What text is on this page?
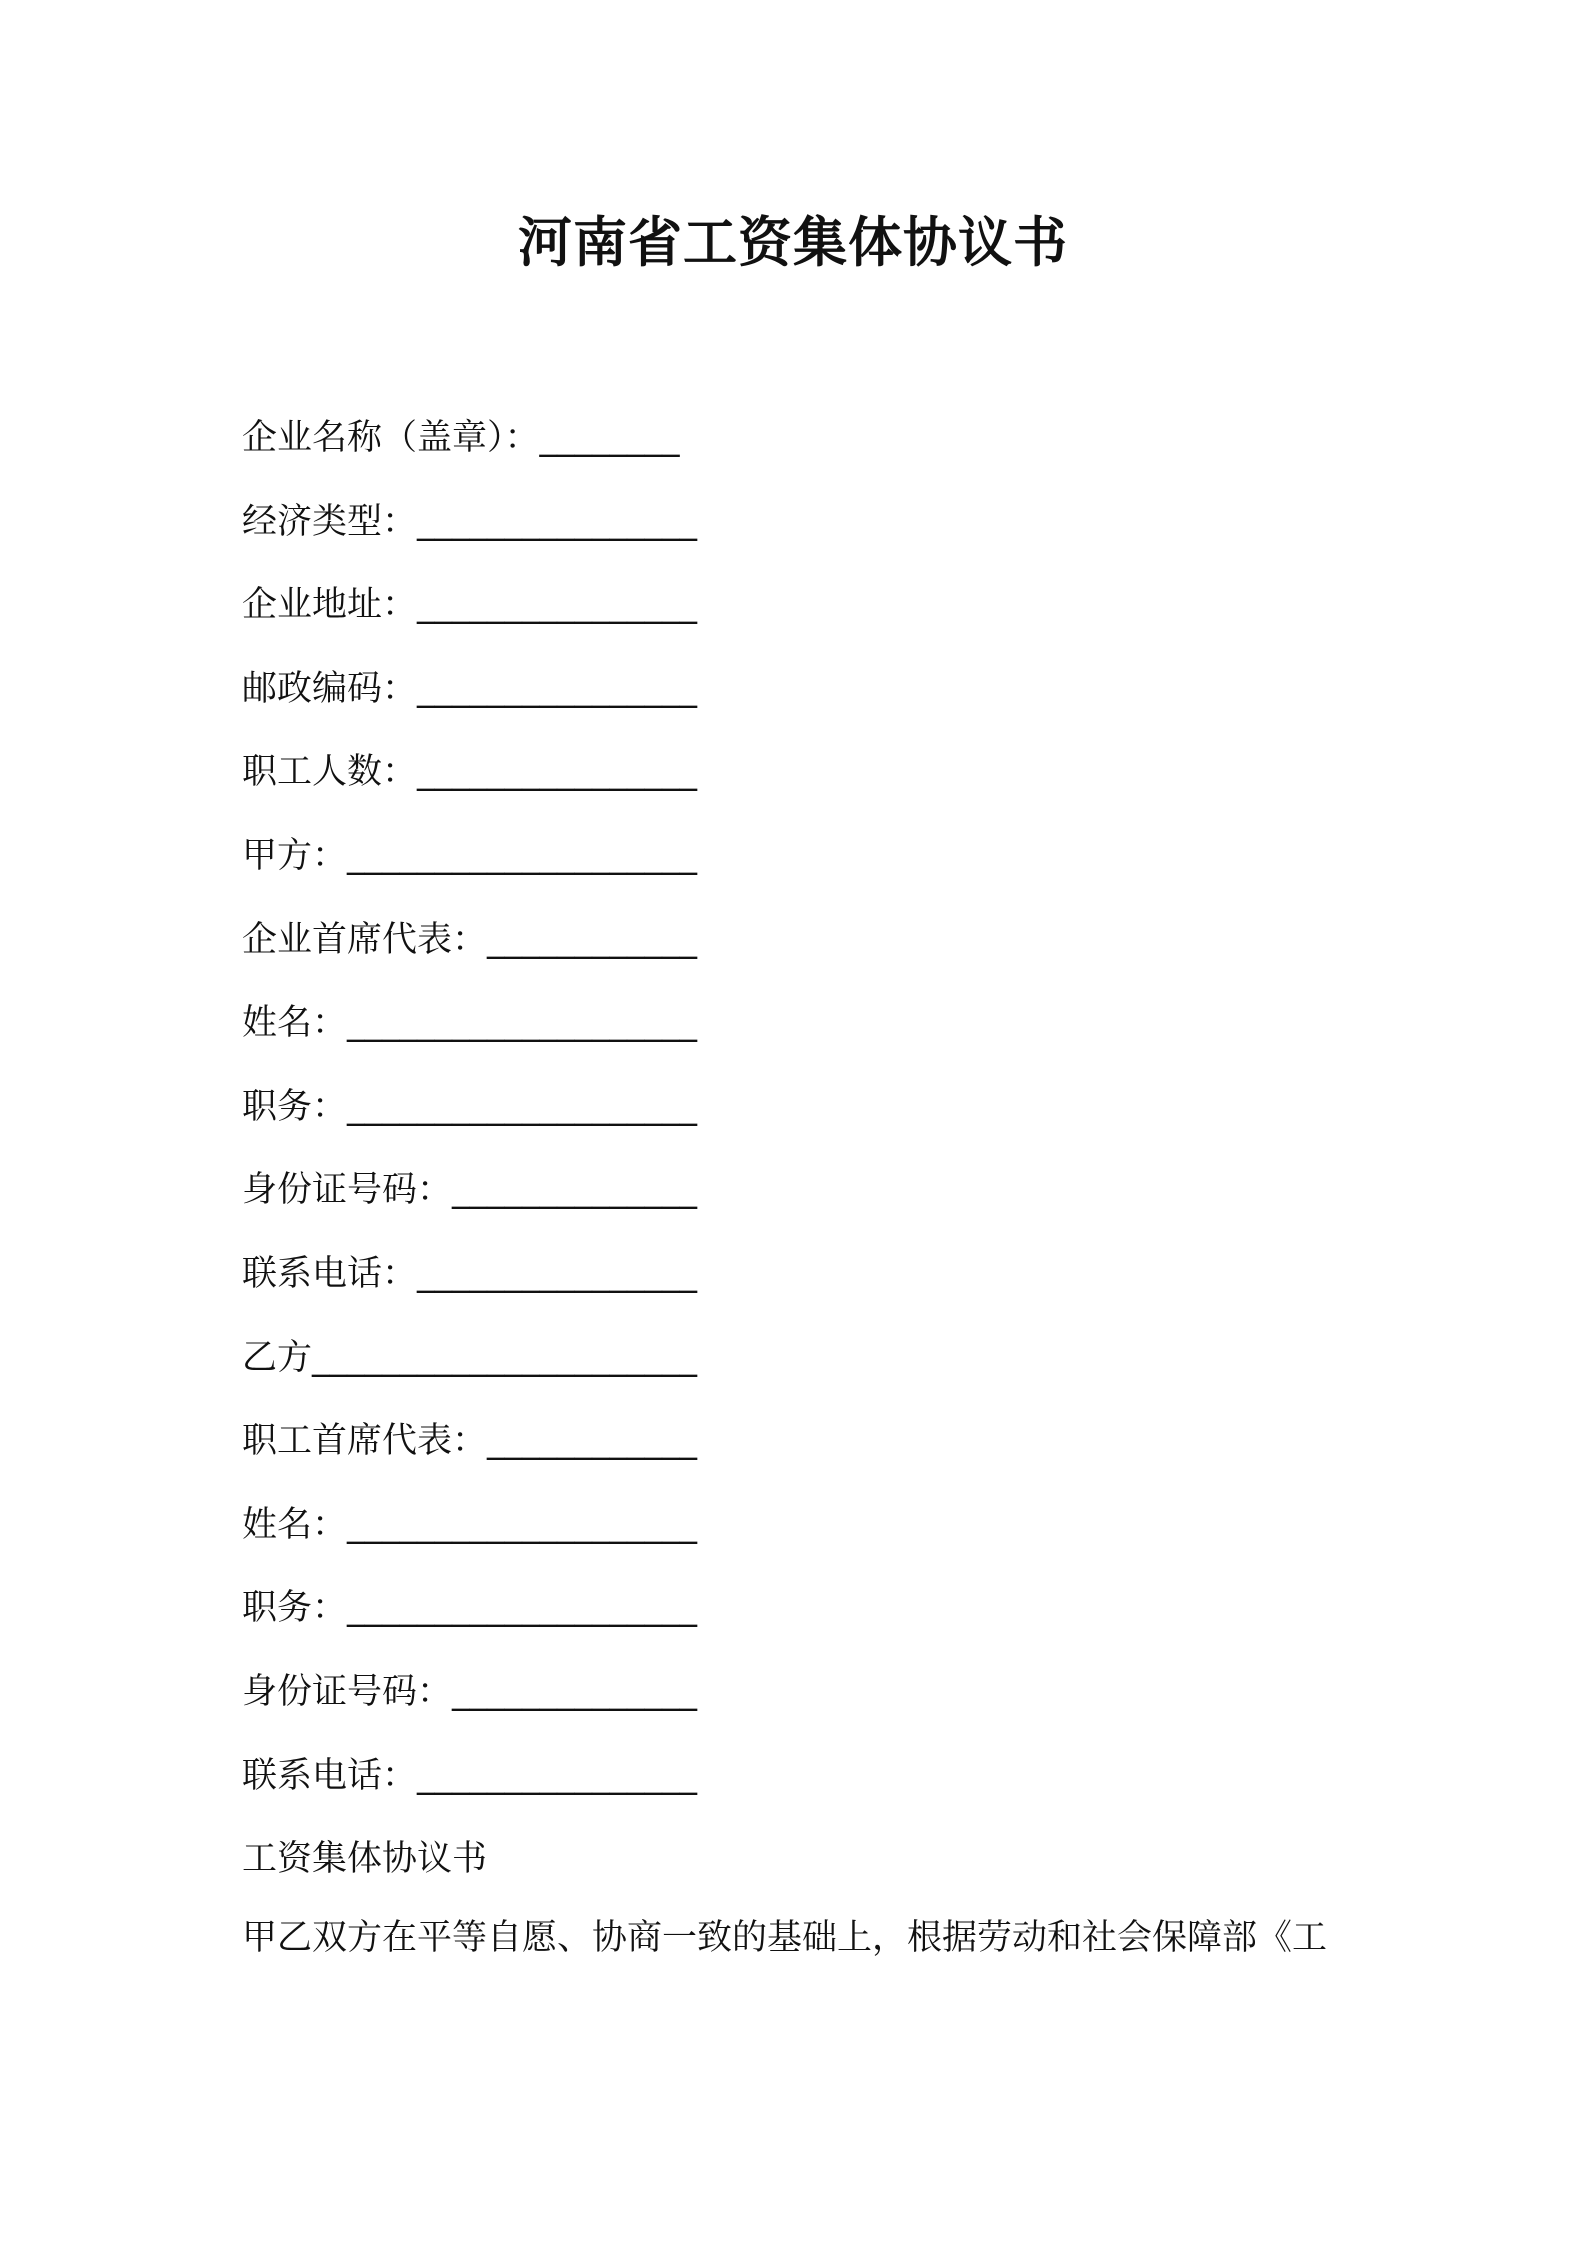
河南省工资集体协议书
企业名称（盖章）：________
经济类型：________________
企业地址：________________
邮政编码：________________
职工人数：________________
甲方：____________________
企业首席代表：____________
姓名：____________________
职务：____________________
身份证号码：______________
联系电话：________________
乙方______________________
职工首席代表：____________
姓名：____________________
职务：____________________
身份证号码：______________
联系电话：________________
工资集体协议书
甲乙双方在平等自愿、协商一致的基础上，根据劳动和社会保障部《工
